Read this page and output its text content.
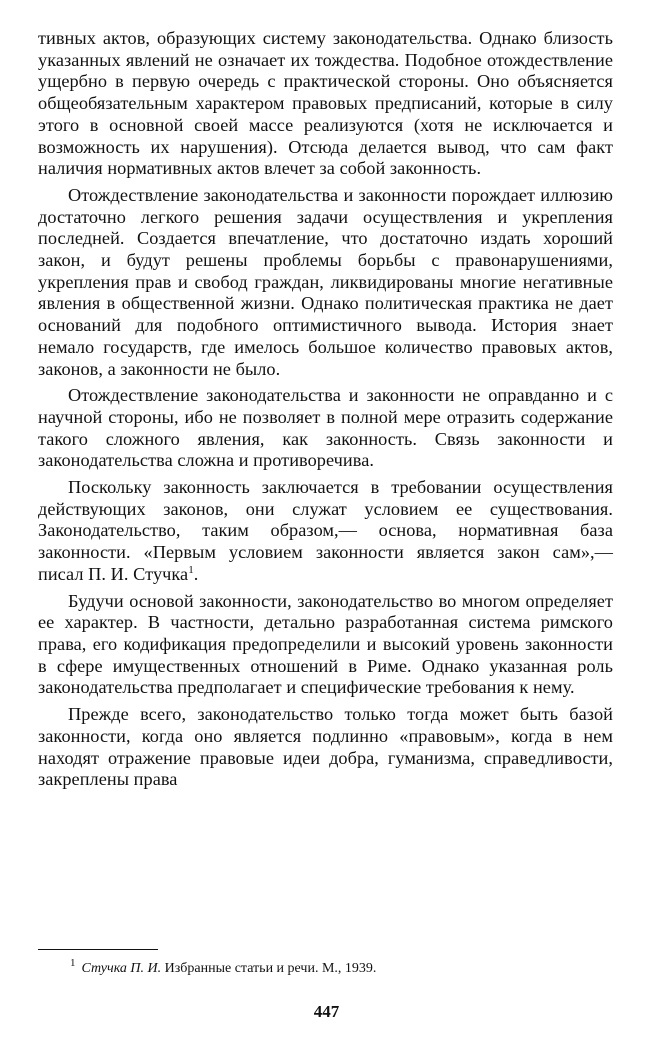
тивных актов, образующих систему законодательства. Однако близость указанных явлений не означает их тождества. Подобное отождествление ущербно в первую очередь с практической стороны. Оно объясняется общеобязательным характером правовых предписаний, которые в силу этого в основной своей массе реализуются (хотя не исключается и возможность их нарушения). Отсюда делается вывод, что сам факт наличия нормативных актов влечет за собой законность.

Отождествление законодательства и законности порождает иллюзию достаточно легкого решения задачи осуществления и укрепления последней. Создается впечатление, что достаточно издать хороший закон, и будут решены проблемы борьбы с правонарушениями, укрепления прав и свобод граждан, ликвидированы многие негативные явления в общественной жизни. Однако политическая практика не дает оснований для подобного оптимистичного вывода. История знает немало государств, где имелось большое количество правовых актов, законов, а законности не было.

Отождествление законодательства и законности не оправданно и с научной стороны, ибо не позволяет в полной мере отразить содержание такого сложного явления, как законность. Связь законности и законодательства сложна и противоречива.

Поскольку законность заключается в требовании осуществления действующих законов, они служат условием ее существования. Законодательство, таким образом,— основа, нормативная база законности. «Первым условием законности является закон сам»,— писал П. И. Стучка$^1$.

Будучи основой законности, законодательство во многом определяет ее характер. В частности, детально разработанная система римского права, его кодификация предопределили и высокий уровень законности в сфере имущественных отношений в Риме. Однако указанная роль законодательства предполагает и специфические требования к нему.

Прежде всего, законодательство только тогда может быть базой законности, когда оно является подлинно «правовым», когда в нем находят отражение правовые идеи добра, гуманизма, справедливости, закреплены права

$^1$ Стучка П. И. Избранные статьи и речи. М., 1939.
447
